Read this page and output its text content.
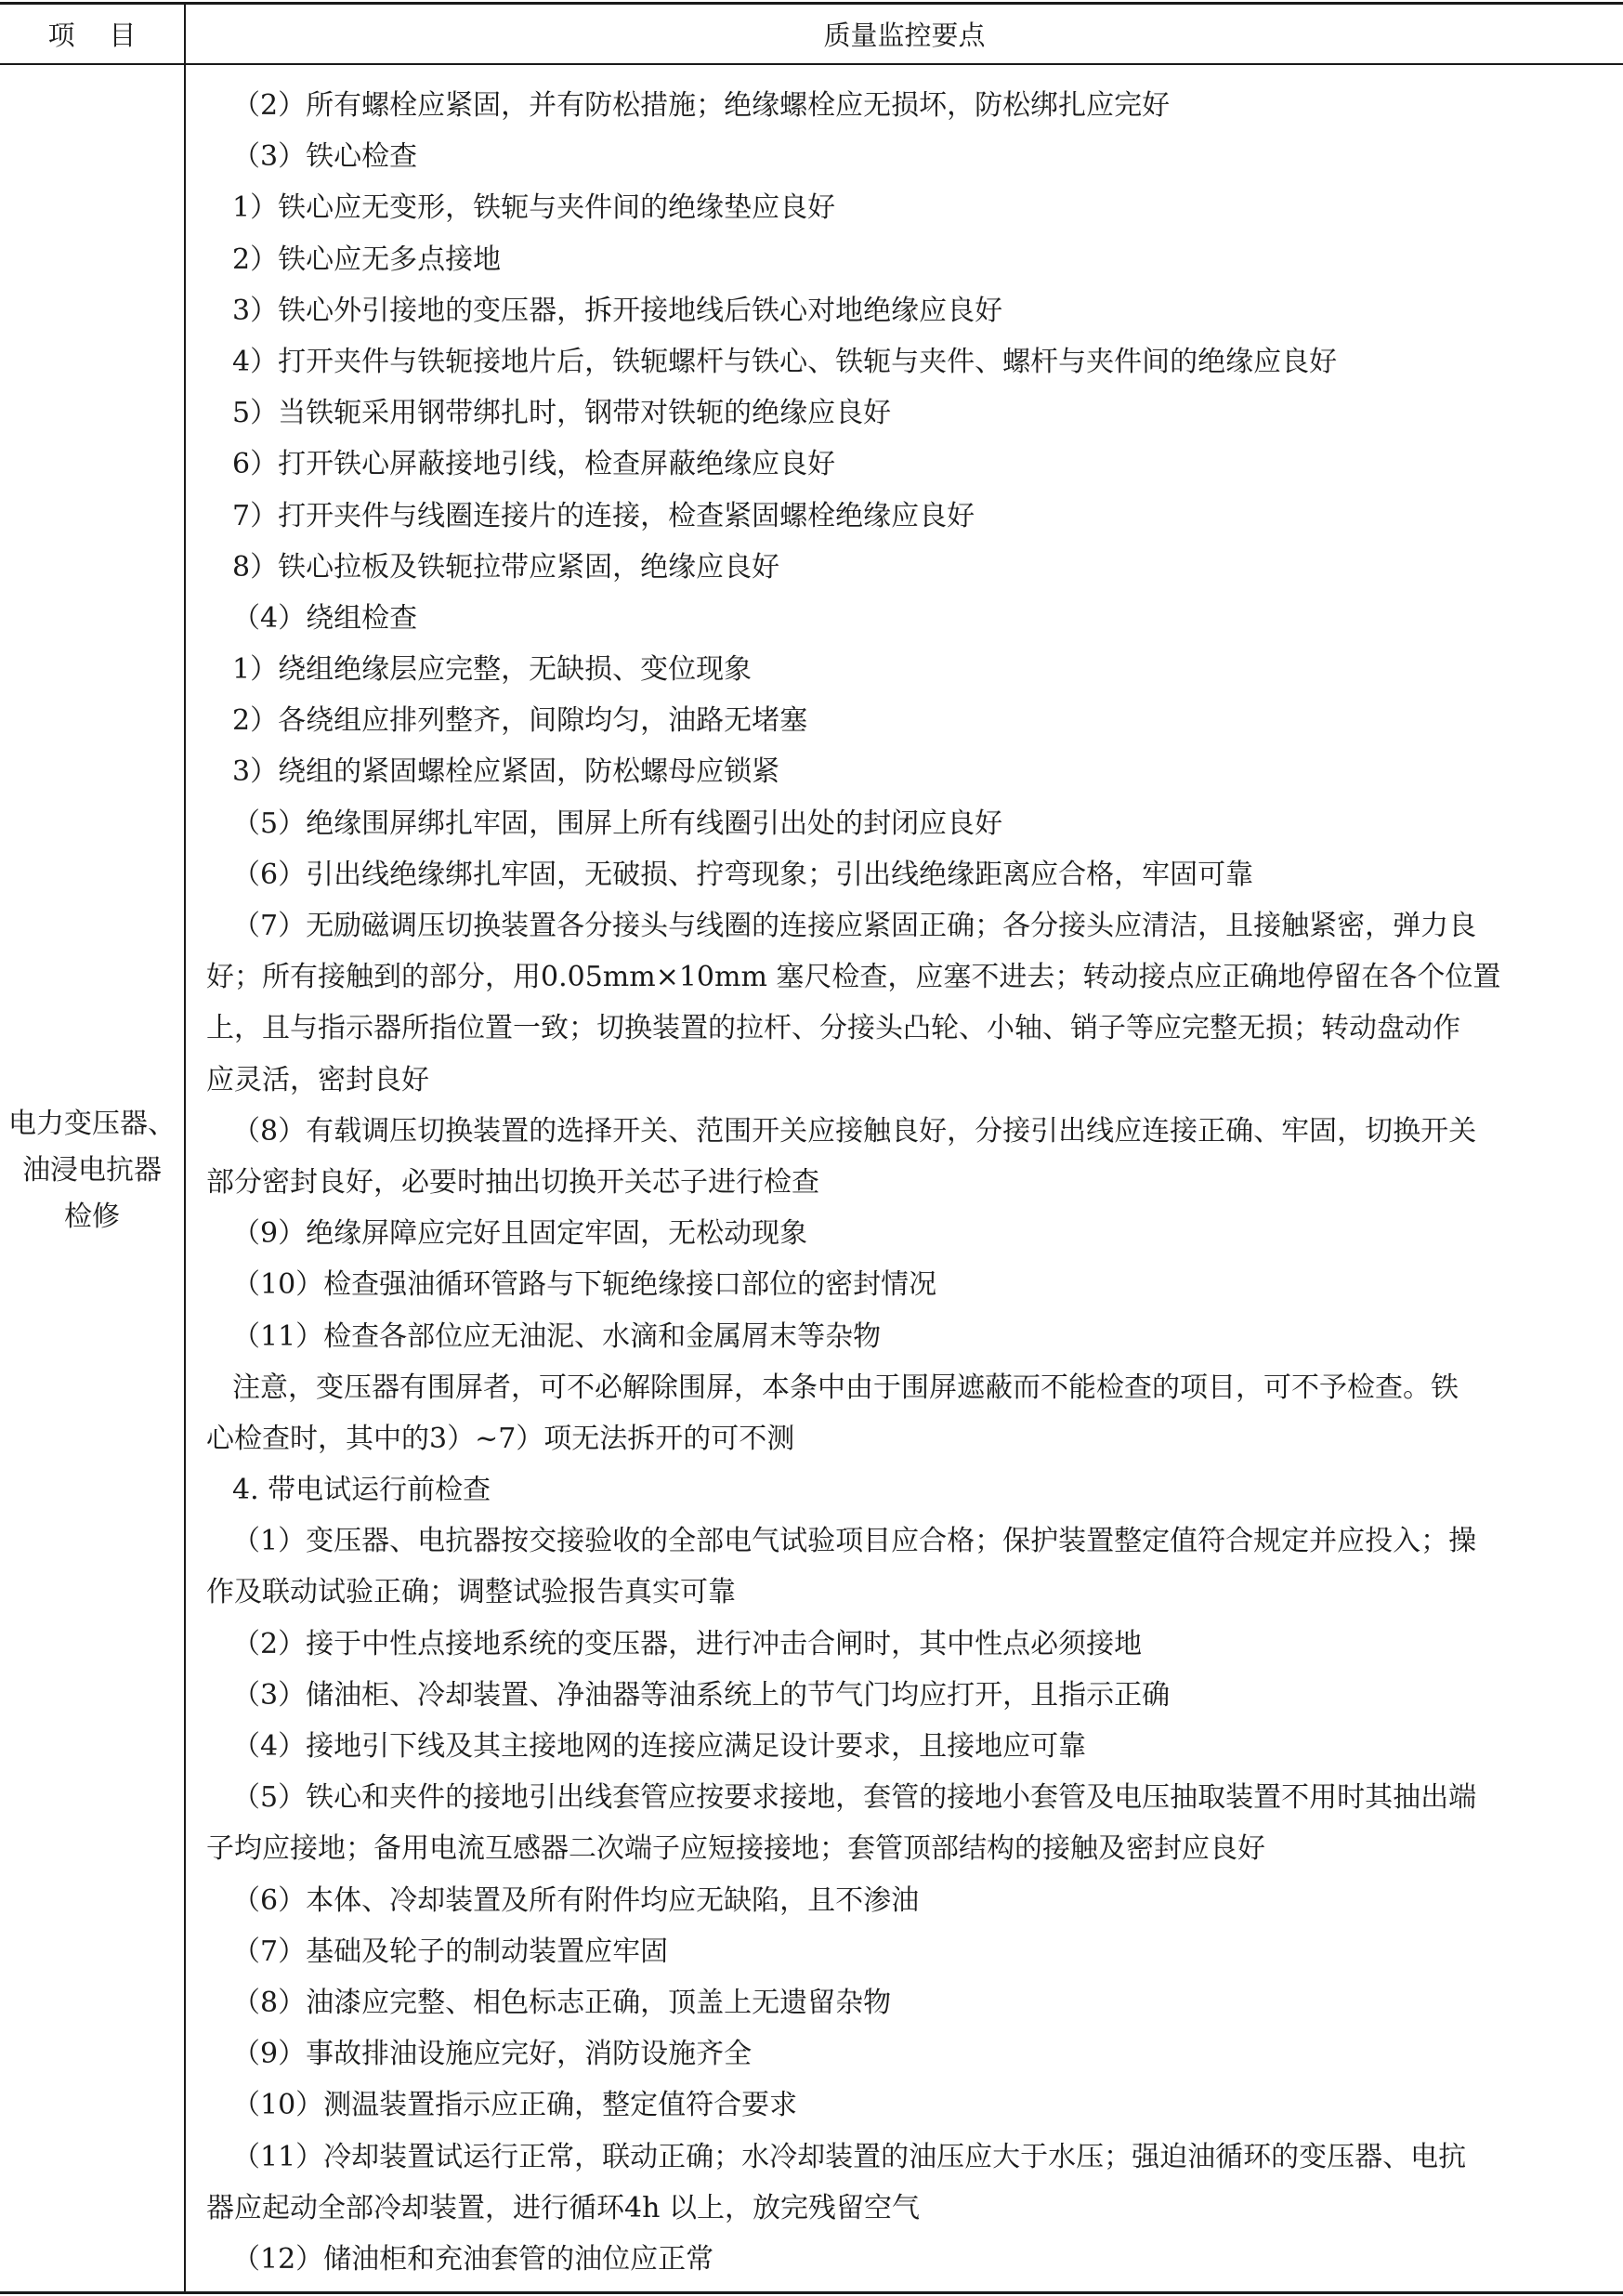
项    目	质量监控要点
电力变压器、
油浸电抗器
检修
（2）所有螺栓应紧固，并有防松措施；绝缘螺栓应无损坏，防松绑扎应完好
（3）铁心检查
1）铁心应无变形，铁轭与夹件间的绝缘垫应良好
2）铁心应无多点接地
3）铁心外引接地的变压器，拆开接地线后铁心对地绝缘应良好
4）打开夹件与铁轭接地片后，铁轭螺杆与铁心、铁轭与夹件、螺杆与夹件间的绝缘应良好
5）当铁轭采用钢带绑扎时，钢带对铁轭的绝缘应良好
6）打开铁心屏蔽接地引线，检查屏蔽绝缘应良好
7）打开夹件与线圈连接片的连接，检查紧固螺栓绝缘应良好
8）铁心拉板及铁轭拉带应紧固，绝缘应良好
（4）绕组检查
1）绕组绝缘层应完整，无缺损、变位现象
2）各绕组应排列整齐，间隙均匀，油路无堵塞
3）绕组的紧固螺栓应紧固，防松螺母应锁紧
（5）绝缘围屏绑扎牢固，围屏上所有线圈引出处的封闭应良好
（6）引出线绝缘绑扎牢固，无破损、拧弯现象；引出线绝缘距离应合格，牢固可靠
（7）无励磁调压切换装置各分接头与线圈的连接应紧固正确；各分接头应清洁，且接触紧密，弹力良
好；所有接触到的部分，用0.05mm×10mm 塞尺检查，应塞不进去；转动接点应正确地停留在各个位置
上，且与指示器所指位置一致；切换装置的拉杆、分接头凸轮、小轴、销子等应完整无损；转动盘动作
应灵活，密封良好
（8）有载调压切换装置的选择开关、范围开关应接触良好，分接引出线应连接正确、牢固，切换开关
部分密封良好，必要时抽出切换开关芯子进行检查
（9）绝缘屏障应完好且固定牢固，无松动现象
（10）检查强油循环管路与下轭绝缘接口部位的密封情况
（11）检查各部位应无油泥、水滴和金属屑末等杂物
注意，变压器有围屏者，可不必解除围屏，本条中由于围屏遮蔽而不能检查的项目，可不予检查。铁
心检查时，其中的3）~7）项无法拆开的可不测
4. 带电试运行前检查
（1）变压器、电抗器按交接验收的全部电气试验项目应合格；保护装置整定值符合规定并应投入；操
作及联动试验正确；调整试验报告真实可靠
（2）接于中性点接地系统的变压器，进行冲击合闸时，其中性点必须接地
（3）储油柜、冷却装置、净油器等油系统上的节气门均应打开，且指示正确
（4）接地引下线及其主接地网的连接应满足设计要求，且接地应可靠
（5）铁心和夹件的接地引出线套管应按要求接地，套管的接地小套管及电压抽取装置不用时其抽出端
子均应接地；备用电流互感器二次端子应短接接地；套管顶部结构的接触及密封应良好
（6）本体、冷却装置及所有附件均应无缺陷，且不渗油
（7）基础及轮子的制动装置应牢固
（8）油漆应完整、相色标志正确，顶盖上无遗留杂物
（9）事故排油设施应完好，消防设施齐全
（10）测温装置指示应正确，整定值符合要求
（11）冷却装置试运行正常，联动正确；水冷却装置的油压应大于水压；强迫油循环的变压器、电抗
器应起动全部冷却装置，进行循环4h 以上，放完残留空气
（12）储油柜和充油套管的油位应正常
